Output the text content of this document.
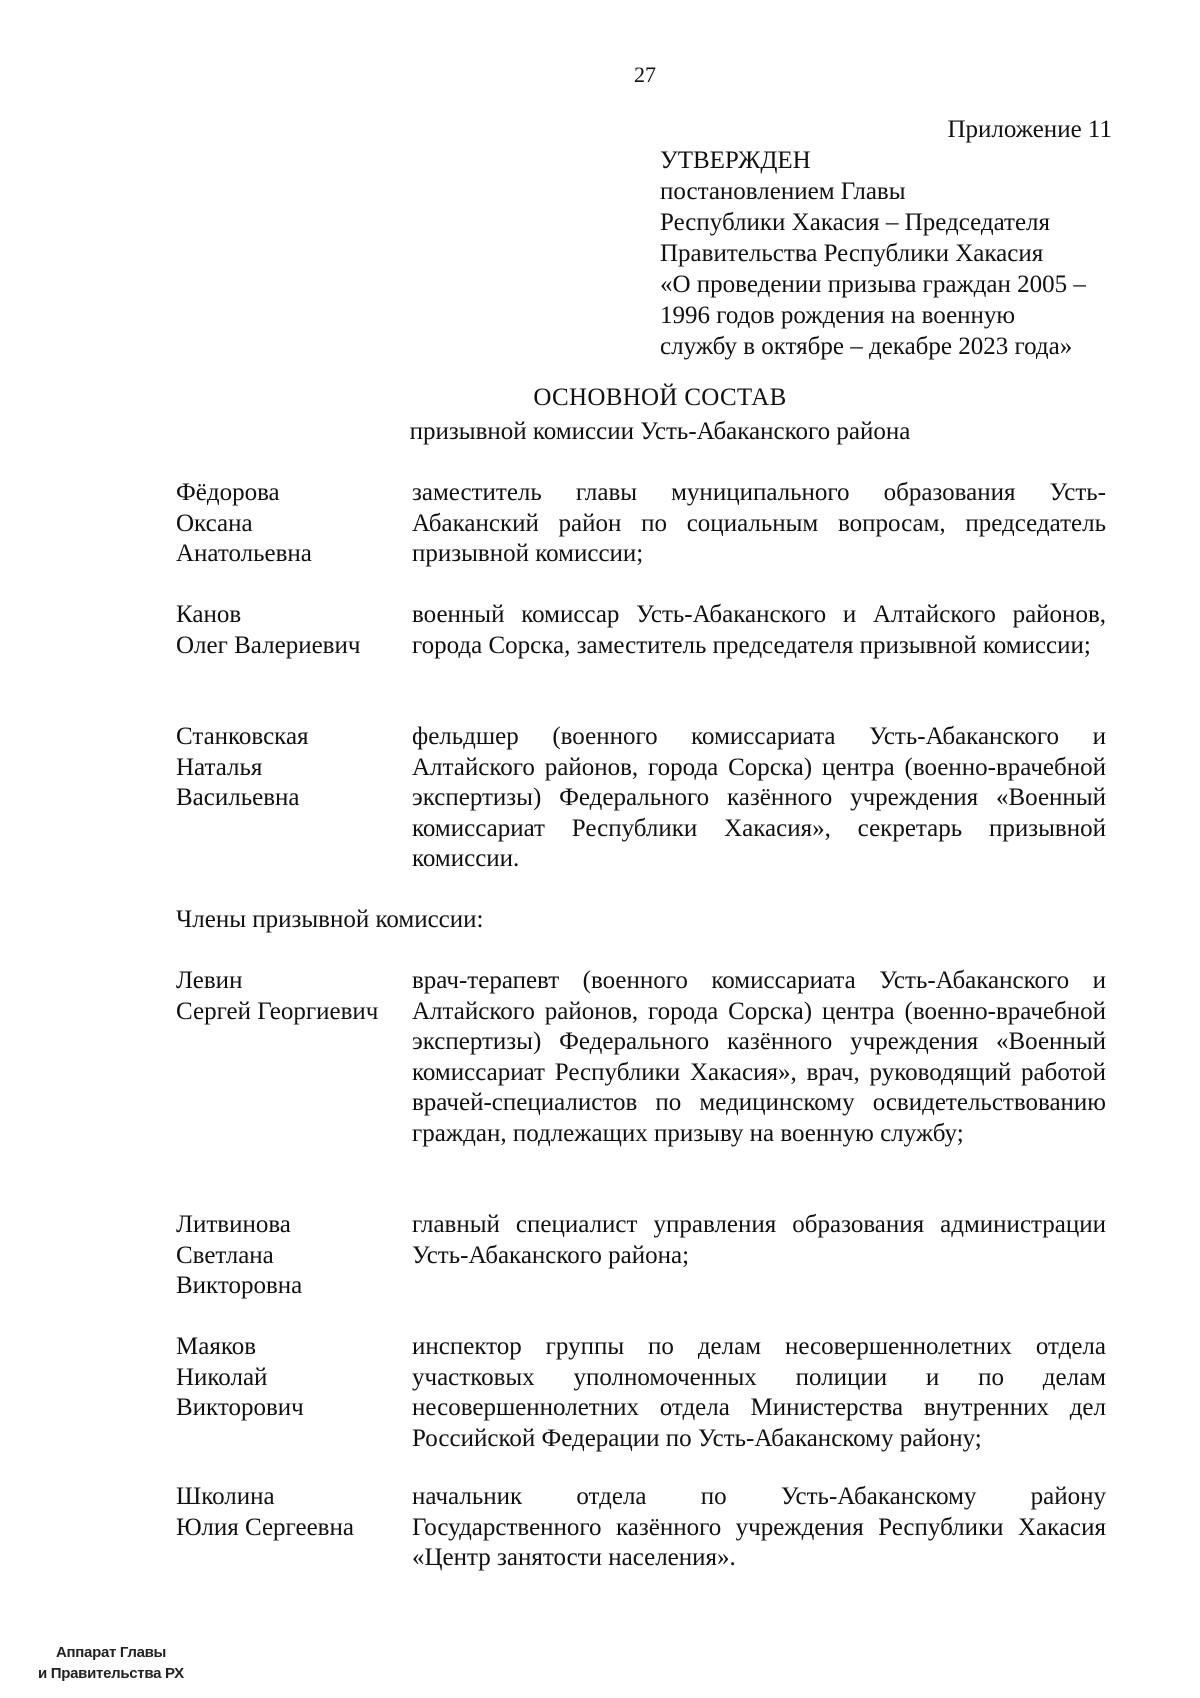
27
Приложение 11
УТВЕРЖДЕН
постановлением Главы
Республики Хакасия – Председателя
Правительства Республики Хакасия
«О проведении призыва граждан 2005 –
1996 годов рождения на военную
службу в октябре – декабре 2023 года»
ОСНОВНОЙ СОСТАВ
призывной комиссии Усть-Абаканского района
Фёдорова
Оксана
Анатольевна
заместитель главы муниципального образования Усть-Абаканский район по социальным вопросам, председатель призывной комиссии;
Канов
Олег Валериевич
военный комиссар Усть-Абаканского и Алтайского районов, города Сорска, заместитель председателя призывной комиссии;
Станковская
Наталья
Васильевна
фельдшер (военного комиссариата Усть-Абаканского и Алтайского районов, города Сорска) центра (военно-врачебной экспертизы) Федерального казённого учреждения «Военный комиссариат Республики Хакасия», секретарь призывной комиссии.
Члены призывной комиссии:
Левин
Сергей Георгиевич
врач-терапевт (военного комиссариата Усть-Абаканского и Алтайского районов, города Сорска) центра (военно-врачебной экспертизы) Федерального казённого учреждения «Военный комиссариат Республики Хакасия», врач, руководящий работой врачей-специалистов по медицинскому освидетельствованию граждан, подлежащих призыву на военную службу;
Литвинова
Светлана
Викторовна
главный специалист управления образования администрации Усть-Абаканского района;
Маяков
Николай
Викторович
инспектор группы по делам несовершеннолетних отдела участковых уполномоченных полиции и по делам несовершеннолетних отдела Министерства внутренних дел Российской Федерации по Усть-Абаканскому району;
Школина
Юлия Сергеевна
начальник отдела по Усть-Абаканскому району Государственного казённого учреждения Республики Хакасия «Центр занятости населения».
Аппарат Главы
и Правительства РХ
